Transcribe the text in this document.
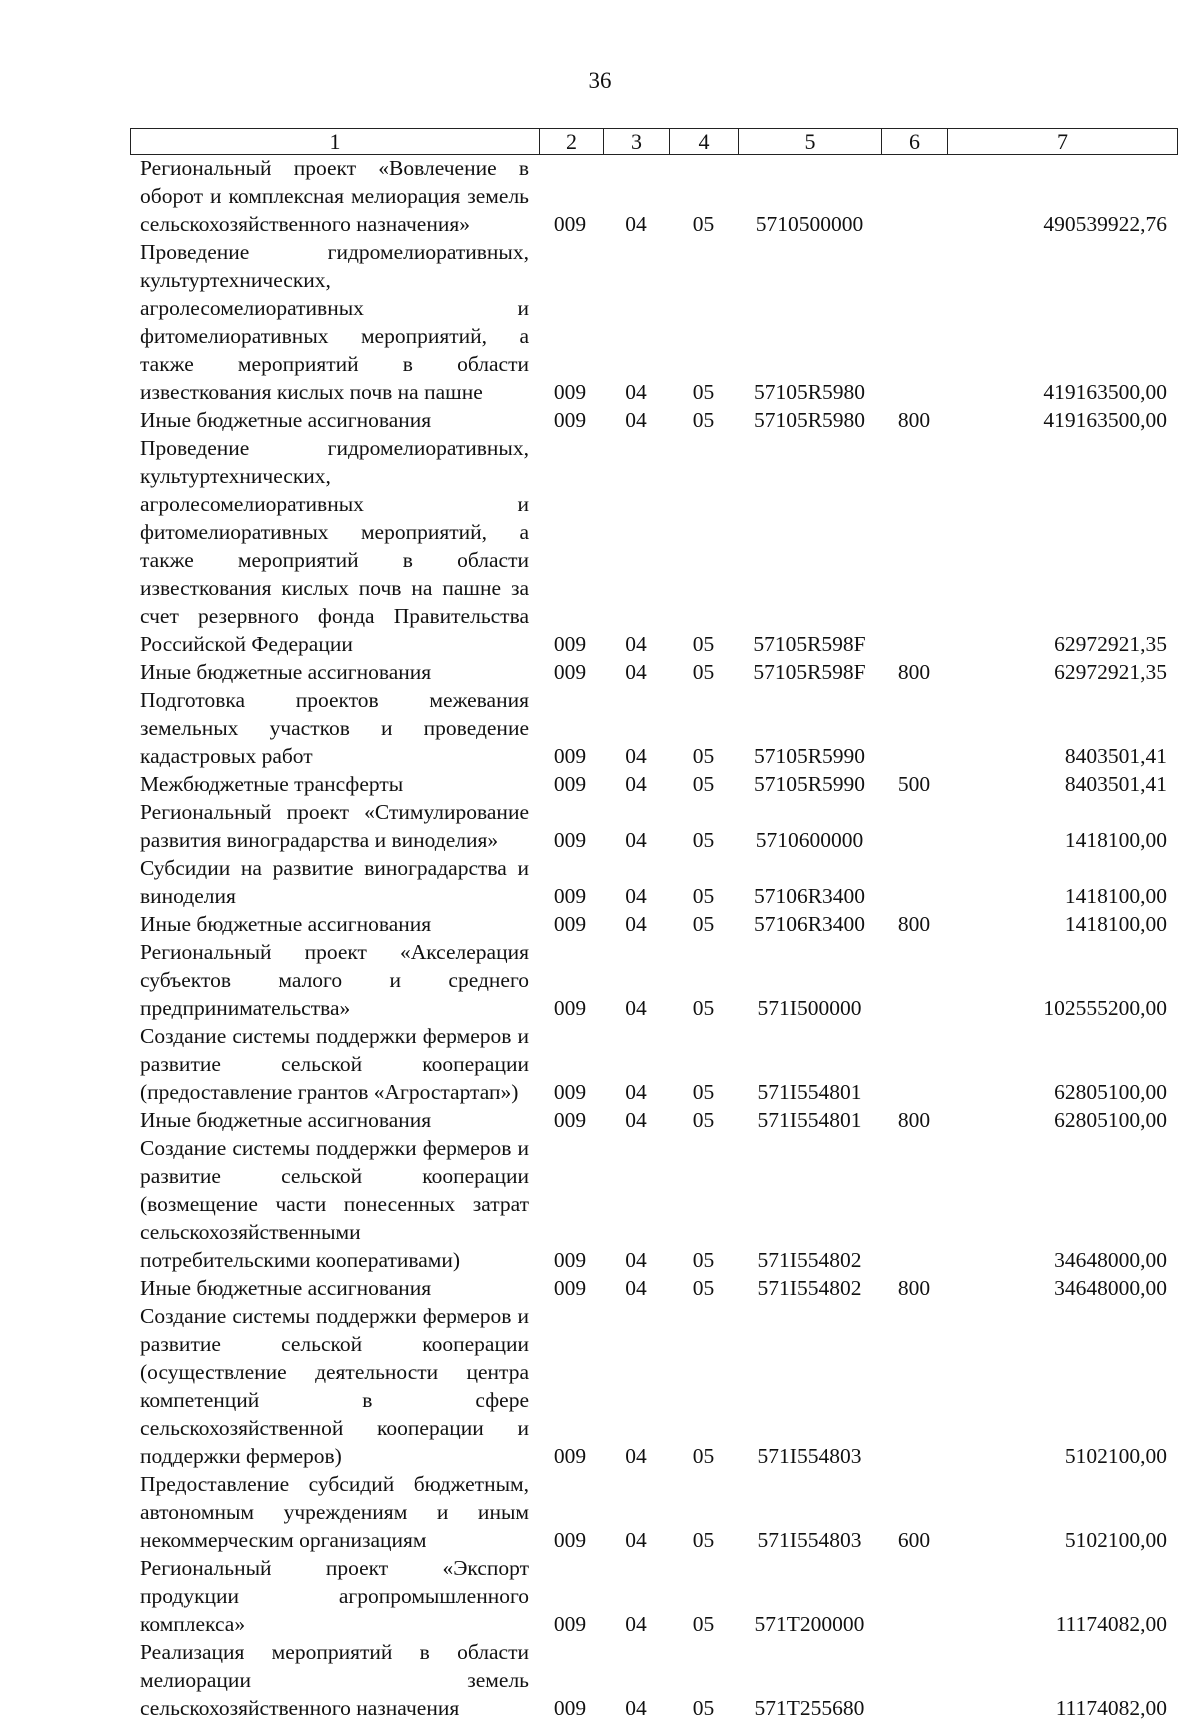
36
1	2	3	4	5	6	7
Региональный проект «Вовлечение в оборот и комплексная мелиорация земель сельскохозяйственного назначения»	009	04	05	5710500000		490539922,76
Проведение гидромелиоративных, культуртехнических, агролесомелиоративных и фитомелиоративных мероприятий, а также мероприятий в области известкования кислых почв на пашне	009	04	05	57105R5980		419163500,00
Иные бюджетные ассигнования	009	04	05	57105R5980	800	419163500,00
Проведение гидромелиоративных, культуртехнических, агролесомелиоративных и фитомелиоративных мероприятий, а также мероприятий в области известкования кислых почв на пашне за счет резервного фонда Правительства Российской Федерации	009	04	05	57105R598F		62972921,35
Иные бюджетные ассигнования	009	04	05	57105R598F	800	62972921,35
Подготовка проектов межевания земельных участков и проведение кадастровых работ	009	04	05	57105R5990		8403501,41
Межбюджетные трансферты	009	04	05	57105R5990	500	8403501,41
Региональный проект «Стимулирование развития виноградарства и виноделия»	009	04	05	5710600000		1418100,00
Субсидии на развитие виноградарства и виноделия	009	04	05	57106R3400		1418100,00
Иные бюджетные ассигнования	009	04	05	57106R3400	800	1418100,00
Региональный проект «Акселерация субъектов малого и среднего предпринимательства»	009	04	05	571I500000		102555200,00
Создание системы поддержки фермеров и развитие сельской кооперации (предоставление грантов «Агростартап»)	009	04	05	571I554801		62805100,00
Иные бюджетные ассигнования	009	04	05	571I554801	800	62805100,00
Создание системы поддержки фермеров и развитие сельской кооперации (возмещение части понесенных затрат сельскохозяйственными потребительскими кооперативами)	009	04	05	571I554802		34648000,00
Иные бюджетные ассигнования	009	04	05	571I554802	800	34648000,00
Создание системы поддержки фермеров и развитие сельской кооперации (осуществление деятельности центра компетенций в сфере сельскохозяйственной кооперации и поддержки фермеров)	009	04	05	571I554803		5102100,00
Предоставление субсидий бюджетным, автономным учреждениям и иным некоммерческим организациям	009	04	05	571I554803	600	5102100,00
Региональный проект «Экспорт продукции агропромышленного комплекса»	009	04	05	571T200000		11174082,00
Реализация мероприятий в области мелиорации земель сельскохозяйственного назначения	009	04	05	571T255680		11174082,00
